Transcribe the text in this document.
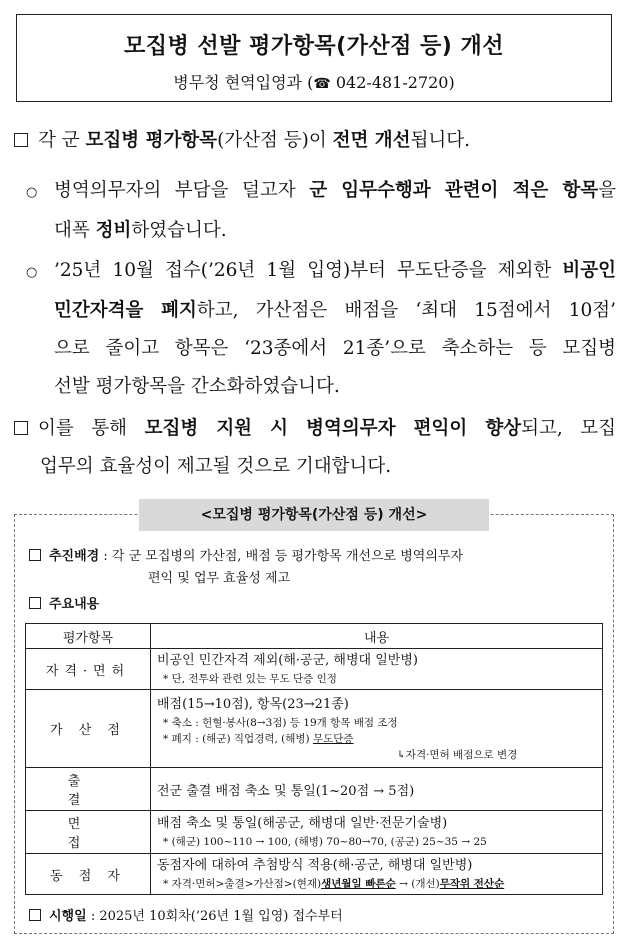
모집병 선발 평가항목(가산점 등) 개선
병무청 현역입영과 (☎ 042-481-2720)
각 군 모집병 평가항목(가산점 등)이 전면 개선됩니다.
○ 병역의무자의 부담을 덜고자 군 임무수행과 관련이 적은 항목을
대폭 정비하였습니다.
○ ’25년 10월 접수(’26년 1월 입영)부터 무도단증을 제외한 비공인
민간자격을 폐지하고, 가산점은 배점을 ‘최대 15점에서 10점’
으로 줄이고 항목은 ‘23종에서 21종’으로 축소하는 등 모집병
선발 평가항목을 간소화하였습니다.
이를 통해 모집병 지원 시 병역의무자 편익이 향상되고, 모집
업무의 효율성이 제고될 것으로 기대합니다.
<모집병 평가항목(가산점 등) 개선>
추진배경 : 각 군 모집병의 가산점, 배점 등 평가항목 개선으로 병역의무자
편익 및 업무 효율성 제고
주요내용
평가항목	내용
자격·면허	비공인 민간자격 제외(해·공군, 해병대 일반병)
* 단, 전투와 관련 있는 무도 단증 인정

가 산 점	배점(15→10점), 항목(23→21종)
* 축소 : 헌혈·봉사(8→3점) 등 19개 항목 배점 조정
* 폐지 : (해군) 직업경력, (해병) 무도단증
↳자격·면허 배점으로 변경

출 결	전군 출결 배점 축소 및 통일(1~20점 → 5점)
면 접	배점 축소 및 통일(해공군, 해병대 일반·전문기술병)
* (해군) 100~110 → 100, (해병) 70~80→70, (공군) 25~35 → 25

동 점 자	동점자에 대하여 추첨방식 적용(해·공군, 해병대 일반병)
* 자격·면허>출결>가산점>(현재)생년월일 빠른순 → (개선)무작위 전산순
시행일 : 2025년 10회차(’26년 1월 입영) 접수부터
